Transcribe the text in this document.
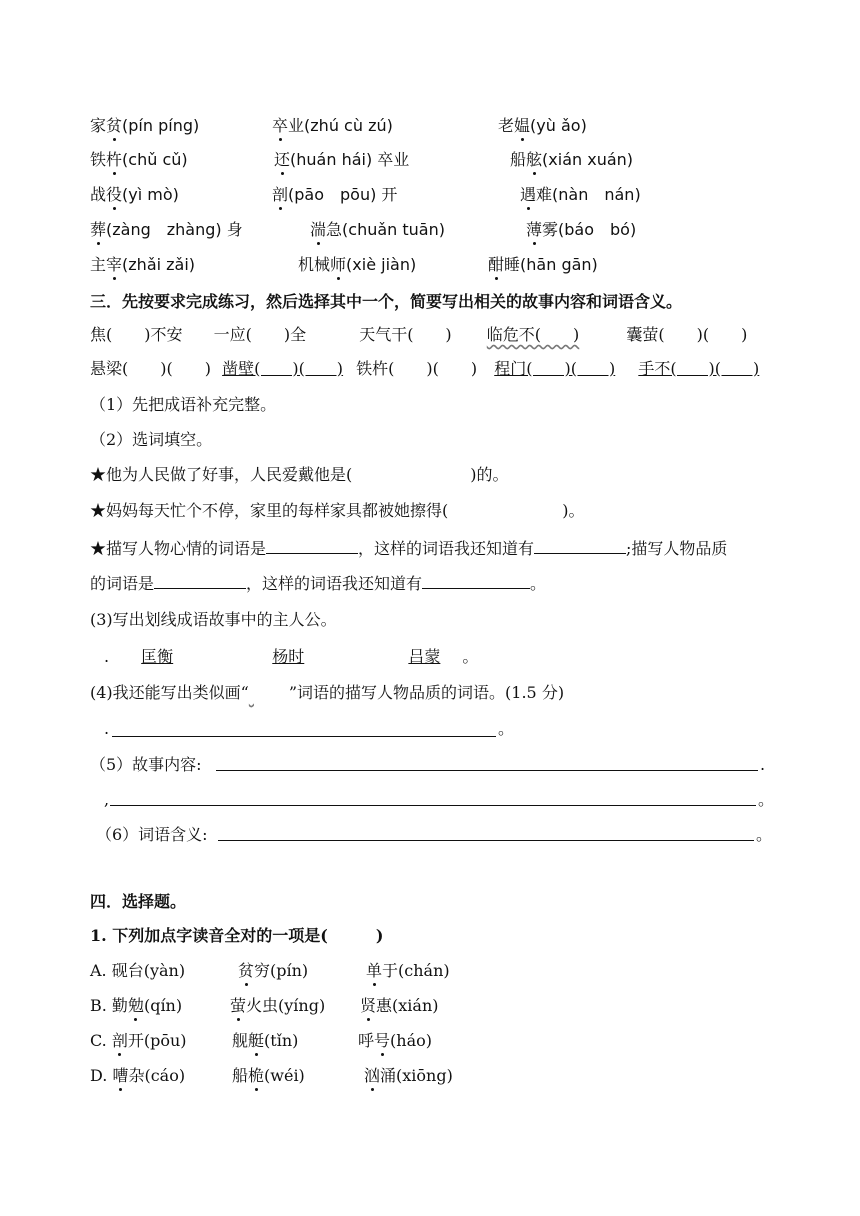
家贫(pín píng)	卒业(zhú cù zú)	老媪(yù ǎo)
铁杵(chǔ cǔ)	还(huán hái) 卒业	船舷(xián xuán)
战役(yì mò)	剖(pāo　pōu) 开	遇难(nàn　nán)
葬(zàng　zhàng) 身	湍急(chuǎn tuān)	薄雾(báo　bó)
主宰(zhǎi zǎi)	机械师(xiè jiàn)	酣睡(hān gān)
三．先按要求完成练习，然后选择其中一个，简要写出相关的故事内容和词语含义。
焦(　　)不安 一应(　　)全	天气干(　　) 临危不(　　)	囊萤(　　)(　　)
悬梁(　　)(　　) 凿壁(　　)(　　) 铁杵(　　)(　　) 程门(　　)(　　) 手不(　　)(　　)
（1）先把成语补充完整。
（2）选词填空。
★他为人民做了好事，人民爱戴他是(	)的。
★妈妈每天忙个不停，家里的每样家具都被她擦得(	)。
★描写人物心情的词语是	，这样的词语我还知道有	;描写人物品质
的词语是	，这样的词语我还知道有	。
(3)写出划线成语故事中的主人公。
. 匡衡	杨时	吕蒙 。
(4)我还能写出类似画“	”词语的描写人物品质的词语。(1.5 分)
.	。
（5）故事内容:	.
,	。
（6）词语含义:	。
四．选择题。
1. 下列加点字读音全对的一项是(　　　)
A. 砚台(yàn)	贫穷(pín)	单于(chán)
B. 勤勉(qín)	萤火虫(yíng) 贤惠(xián)
C. 剖开(pōu)	舰艇(tǐn)	呼号(háo)
D. 嘈杂(cáo)	船桅(wéi)	汹涌(xiōng)
